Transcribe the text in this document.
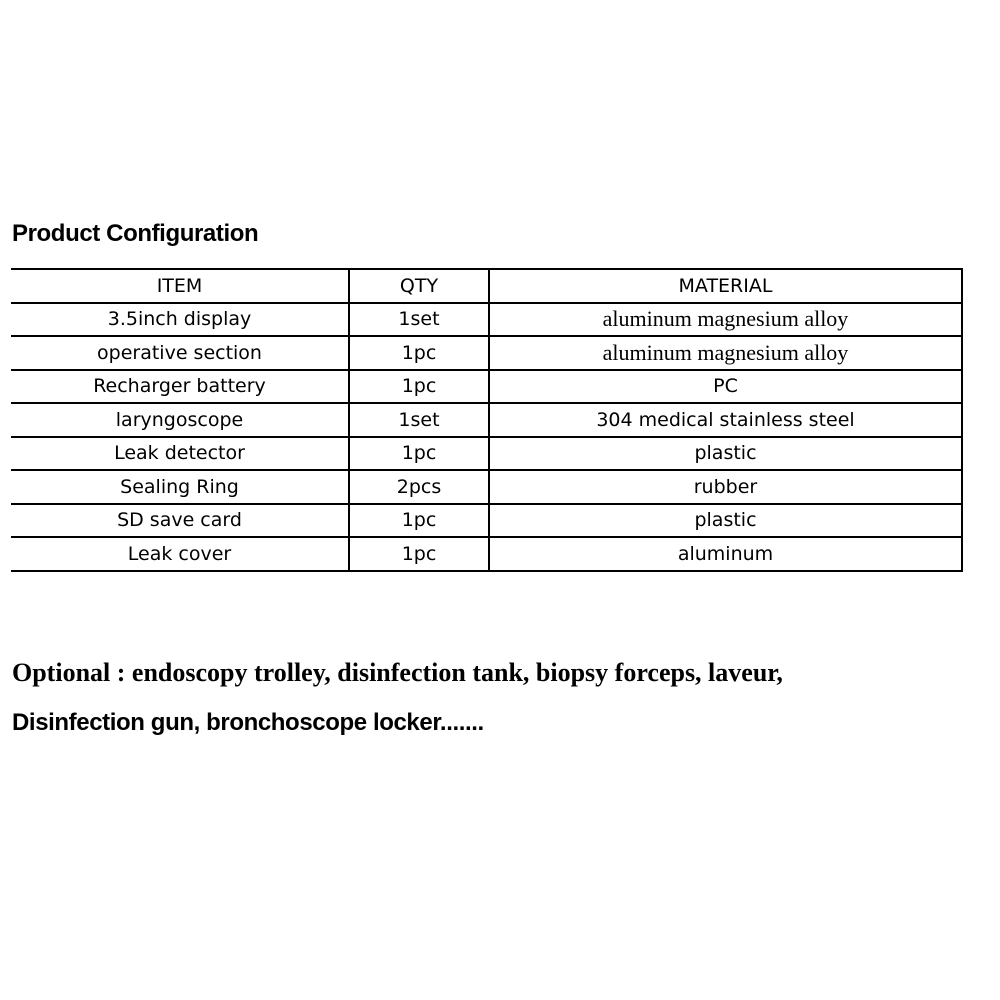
Product Configuration
ITEM	QTY	MATERIAL
3.5inch display	1set	aluminum magnesium alloy
operative section	1pc	aluminum magnesium alloy
Recharger battery	1pc	PC
laryngoscope	1set	304 medical stainless steel
Leak detector	1pc	plastic
Sealing Ring	2pcs	rubber
SD save card	1pc	plastic
Leak cover	1pc	aluminum
Optional : endoscopy trolley, disinfection tank, biopsy forceps, laveur,
Disinfection gun, bronchoscope locker.......
